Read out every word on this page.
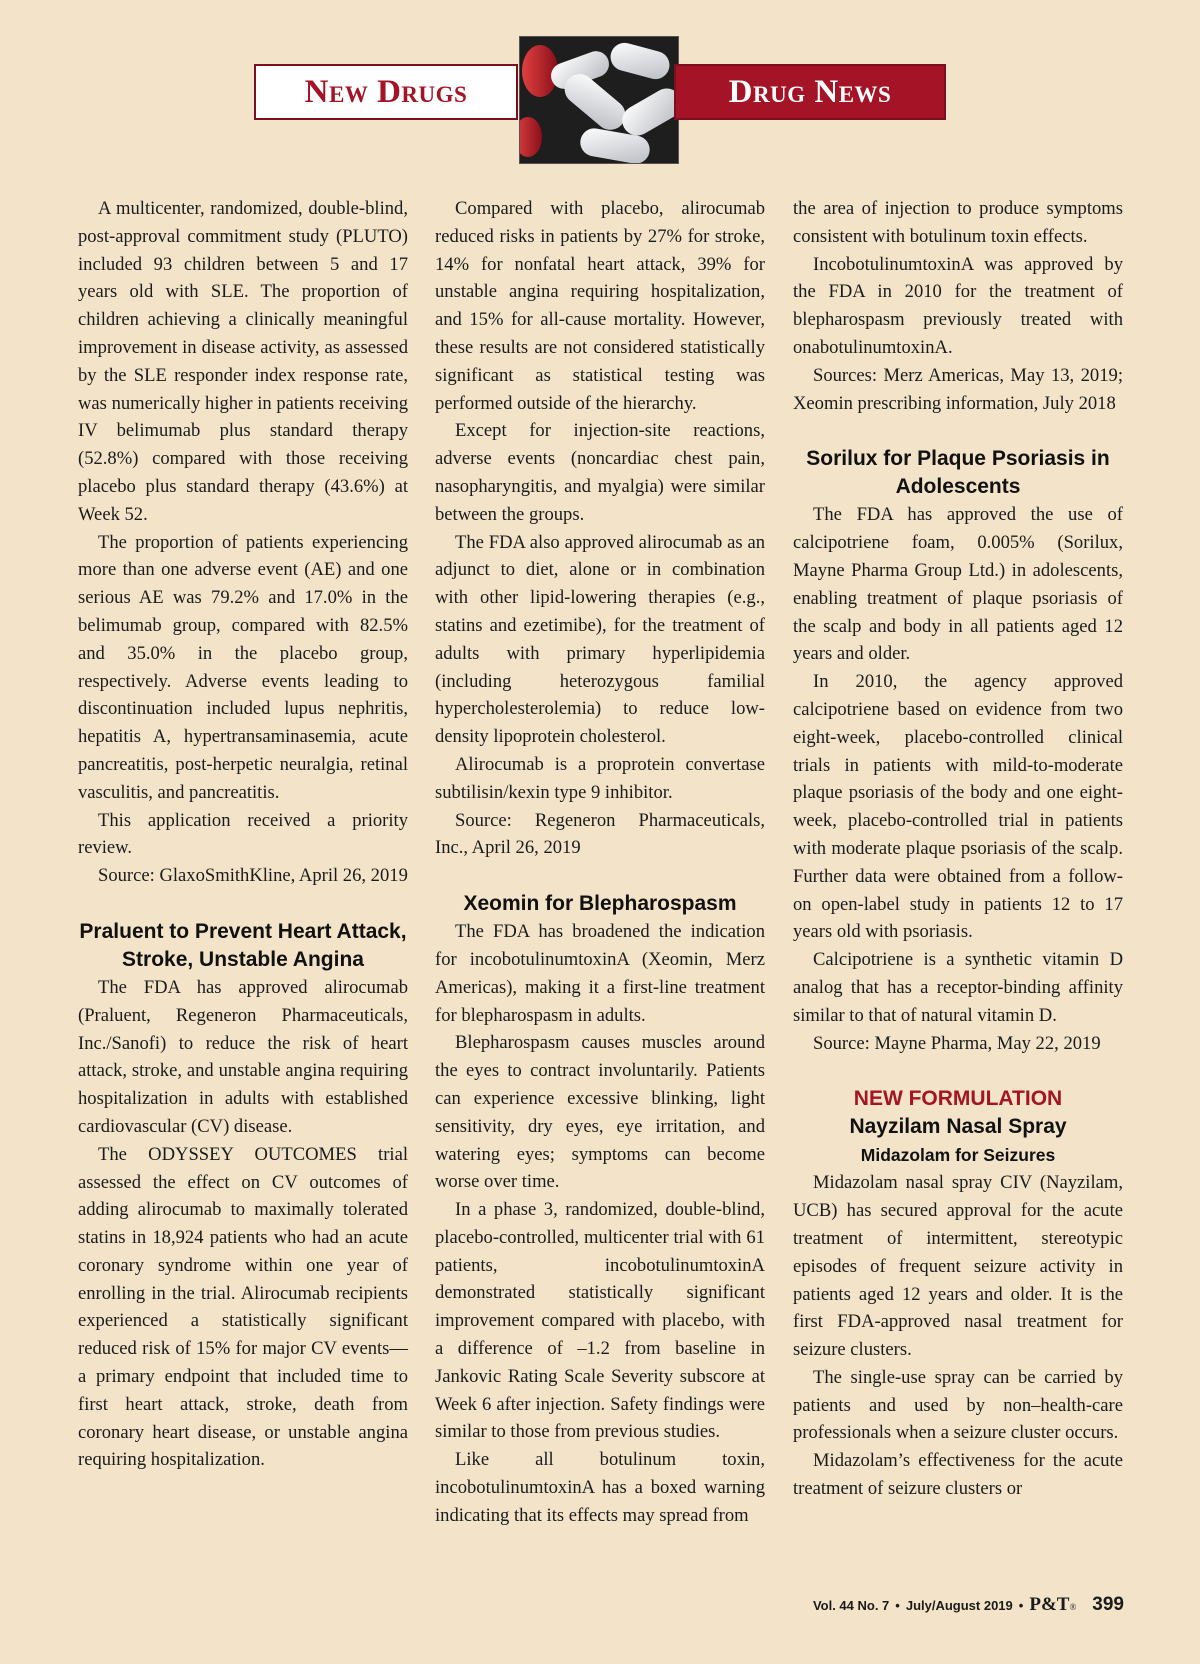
New Drugs	Drug News

A multicenter, randomized, double-blind, post-approval commitment study (PLUTO) included 93 children between 5 and 17 years old with SLE. The proportion of children achieving a clinically meaningful improvement in disease activity, as assessed by the SLE responder index response rate, was numerically higher in patients receiving IV belimumab plus standard therapy (52.8%) compared with those receiving placebo plus standard therapy (43.6%) at Week 52.

The proportion of patients experiencing more than one adverse event (AE) and one serious AE was 79.2% and 17.0% in the belimumab group, compared with 82.5% and 35.0% in the placebo group, respectively. Adverse events leading to discontinuation included lupus nephritis, hepatitis A, hypertransaminasemia, acute pancreatitis, post-herpetic neuralgia, retinal vasculitis, and pancreatitis.

This application received a priority review.

Source: GlaxoSmithKline, April 26, 2019

Praluent to Prevent Heart Attack, Stroke, Unstable Angina

The FDA has approved alirocumab (Praluent, Regeneron Pharmaceuticals, Inc./Sanofi) to reduce the risk of heart attack, stroke, and unstable angina requiring hospitalization in adults with established cardiovascular (CV) disease.

The ODYSSEY OUTCOMES trial assessed the effect on CV outcomes of adding alirocumab to maximally tolerated statins in 18,924 patients who had an acute coronary syndrome within one year of enrolling in the trial. Alirocumab recipients experienced a statistically significant reduced risk of 15% for major CV events—a primary endpoint that included time to first heart attack, stroke, death from coronary heart disease, or unstable angina requiring hospitalization.

Compared with placebo, alirocumab reduced risks in patients by 27% for stroke, 14% for nonfatal heart attack, 39% for unstable angina requiring hospitalization, and 15% for all-cause mortality. However, these results are not considered statistically significant as statistical testing was performed outside of the hierarchy.

Except for injection-site reactions, adverse events (noncardiac chest pain, nasopharyngitis, and myalgia) were similar between the groups.

The FDA also approved alirocumab as an adjunct to diet, alone or in combination with other lipid-lowering therapies (e.g., statins and ezetimibe), for the treatment of adults with primary hyperlipidemia (including heterozygous familial hypercholesterolemia) to reduce low-density lipoprotein cholesterol.

Alirocumab is a proprotein convertase subtilisin/kexin type 9 inhibitor.

Source: Regeneron Pharmaceuticals, Inc., April 26, 2019

Xeomin for Blepharospasm

The FDA has broadened the indication for incobotulinumtoxinA (Xeomin, Merz Americas), making it a first-line treatment for blepharospasm in adults.

Blepharospasm causes muscles around the eyes to contract involuntarily. Patients can experience excessive blinking, light sensitivity, dry eyes, eye irritation, and watering eyes; symptoms can become worse over time.

In a phase 3, randomized, double-blind, placebo-controlled, multicenter trial with 61 patients, incobotulinumtoxinA demonstrated statistically significant improvement compared with placebo, with a difference of –1.2 from baseline in Jankovic Rating Scale Severity subscore at Week 6 after injection. Safety findings were similar to those from previous studies.

Like all botulinum toxin, incobotulinumtoxinA has a boxed warning indicating that its effects may spread from

the area of injection to produce symptoms consistent with botulinum toxin effects.

IncobotulinumtoxinA was approved by the FDA in 2010 for the treatment of blepharospasm previously treated with onabotulinumtoxinA.

Sources: Merz Americas, May 13, 2019; Xeomin prescribing information, July 2018

Sorilux for Plaque Psoriasis in Adolescents

The FDA has approved the use of calcipotriene foam, 0.005% (Sorilux, Mayne Pharma Group Ltd.) in adolescents, enabling treatment of plaque psoriasis of the scalp and body in all patients aged 12 years and older.

In 2010, the agency approved calcipotriene based on evidence from two eight-week, placebo-controlled clinical trials in patients with mild-to-moderate plaque psoriasis of the body and one eight-week, placebo-controlled trial in patients with moderate plaque psoriasis of the scalp. Further data were obtained from a follow-on open-label study in patients 12 to 17 years old with psoriasis.

Calcipotriene is a synthetic vitamin D analog that has a receptor-binding affinity similar to that of natural vitamin D.

Source: Mayne Pharma, May 22, 2019

NEW FORMULATION
Nayzilam Nasal Spray
Midazolam for Seizures

Midazolam nasal spray CIV (Nayzilam, UCB) has secured approval for the acute treatment of intermittent, stereotypic episodes of frequent seizure activity in patients aged 12 years and older. It is the first FDA-approved nasal treatment for seizure clusters.

The single-use spray can be carried by patients and used by non–health-care professionals when a seizure cluster occurs.

Midazolam’s effectiveness for the acute treatment of seizure clusters or

Vol. 44 No. 7 • July/August 2019 • P&T® 399
